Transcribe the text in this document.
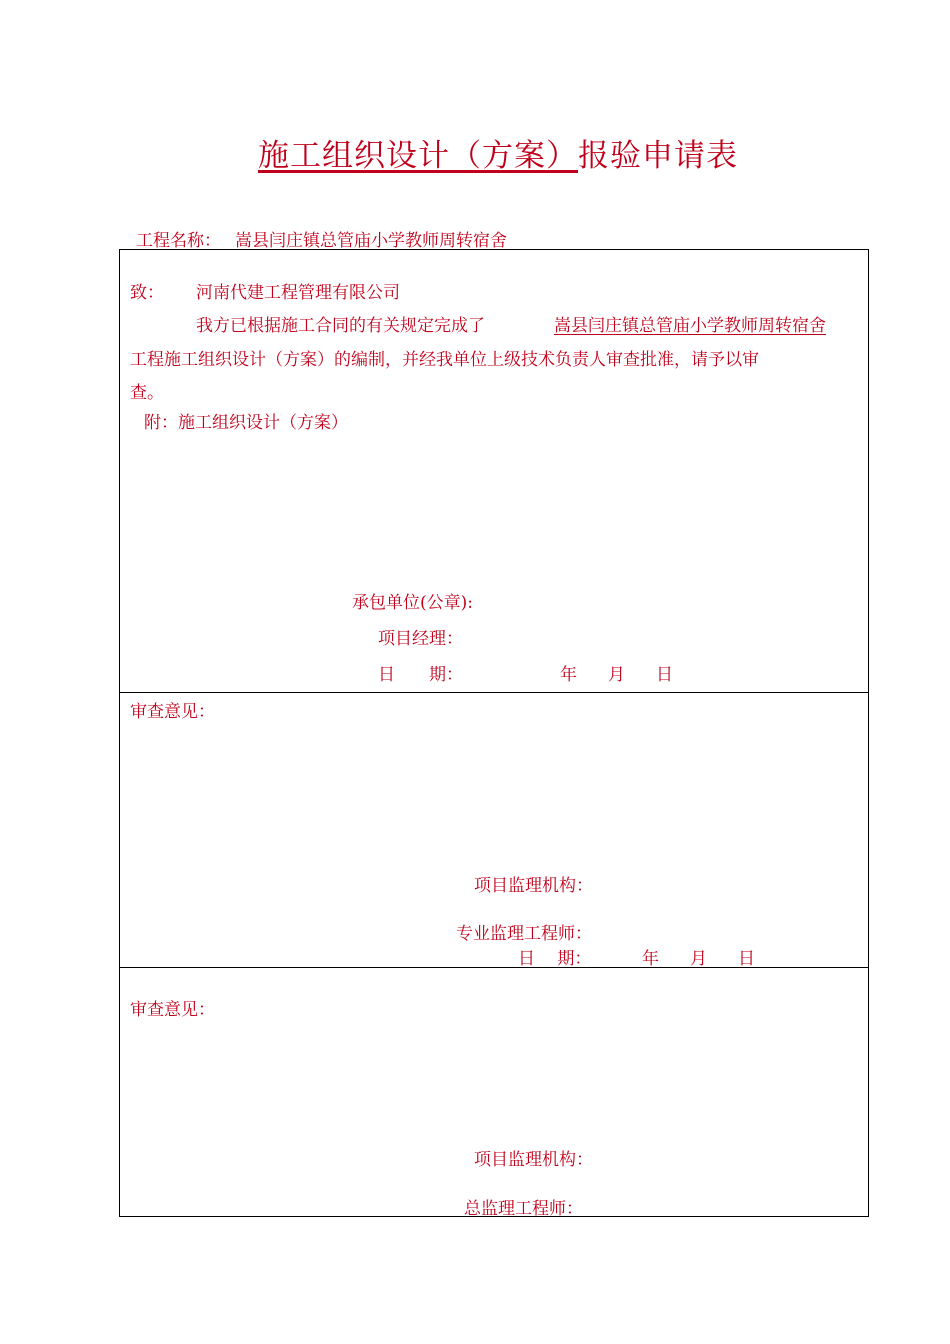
施工组织设计（方案）报验申请表
工程名称： 嵩县闫庄镇总管庙小学教师周转宿舍
致： 河南代建工程管理有限公司
我方已根据施工合同的有关规定完成了	嵩县闫庄镇总管庙小学教师周转宿舍
工程施工组织设计（方案）的编制，并经我单位上级技术负责人审查批准，请予以审
查。
附：施工组织设计（方案）
承包单位(公章):
项目经理：
日　　期：	年 月 日
审查意见：
项目监理机构：
专业监理工程师：
日　 期：	年 月 日
审查意见：
项目监理机构：
总监理工程师：
